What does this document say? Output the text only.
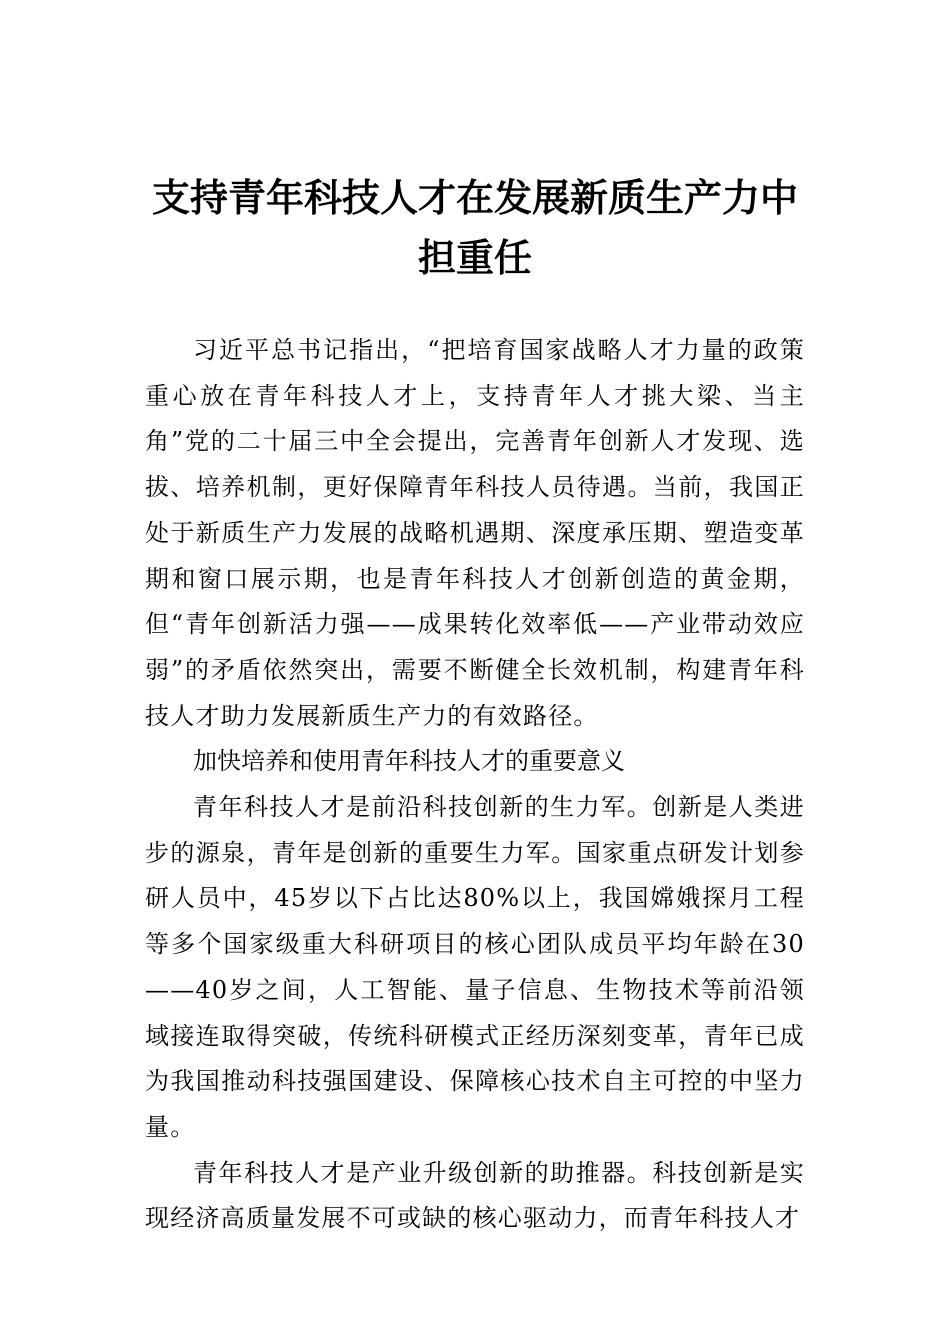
支持青年科技人才在发展新质生产力中担重任

习近平总书记指出，“把培育国家战略人才力量的政策重心放在青年科技人才上，支持青年人才挑大梁、当主角”党的二十届三中全会提出，完善青年创新人才发现、选拔、培养机制，更好保障青年科技人员待遇。当前，我国正处于新质生产力发展的战略机遇期、深度承压期、塑造变革期和窗口展示期，也是青年科技人才创新创造的黄金期，但“青年创新活力强——成果转化效率低——产业带动效应弱”的矛盾依然突出，需要不断健全长效机制，构建青年科技人才助力发展新质生产力的有效路径。

加快培养和使用青年科技人才的重要意义

青年科技人才是前沿科技创新的生力军。创新是人类进步的源泉，青年是创新的重要生力军。国家重点研发计划参研人员中，45岁以下占比达80%以上，我国嫦娥探月工程等多个国家级重大科研项目的核心团队成员平均年龄在30——40岁之间，人工智能、量子信息、生物技术等前沿领域接连取得突破，传统科研模式正经历深刻变革，青年已成为我国推动科技强国建设、保障核心技术自主可控的中坚力量。

青年科技人才是产业升级创新的助推器。科技创新是实现经济高质量发展不可或缺的核心驱动力，而青年科技人才
